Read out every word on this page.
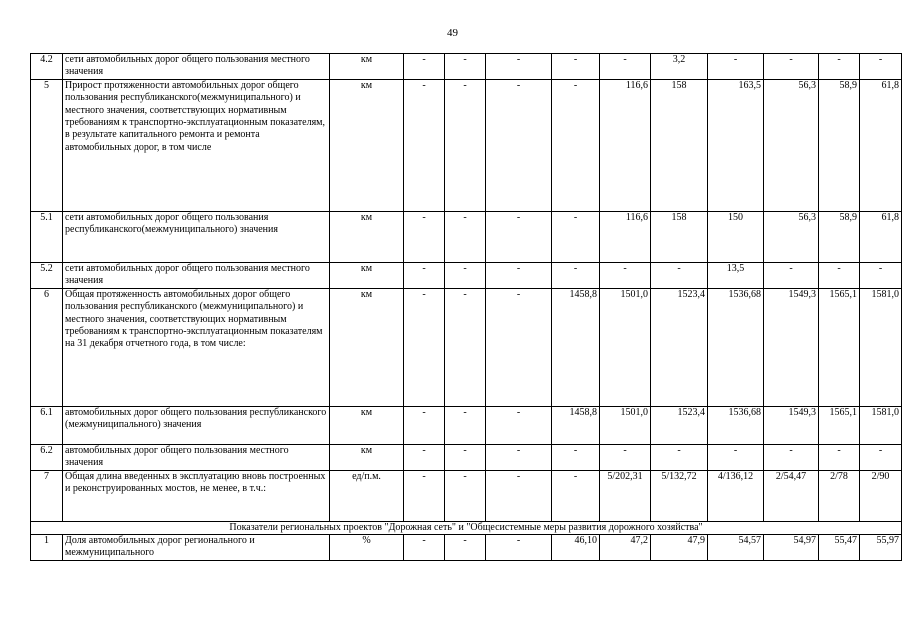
49
4.2	сети автомобильных дорог общего пользования местного значения	км	-	-	-	-	-	3,2	-	-	-	-
5	Прирост протяженности автомобильных дорог общего пользования республиканского(межмуниципального) и местного значения, соответствующих нормативным требованиям к транспортно-эксплуатационным показателям, в результате капитального ремонта и ремонта автомобильных дорог, в том числе	км	-	-	-	-	116,6	158	163,5	56,3	58,9	61,8
5.1	сети автомобильных дорог общего пользования республиканского(межмуниципального) значения	км	-	-	-	-	116,6	158	150	56,3	58,9	61,8
5.2	сети автомобильных дорог общего пользования местного значения	км	-	-	-	-	-	-	13,5	-	-	-
6	Общая протяженность автомобильных дорог общего пользования республиканского (межмуниципального) и местного значения, соответствующих нормативным требованиям к транспортно-эксплуатационным показателям на 31 декабря отчетного года, в том числе:	км	-	-	-	1458,8	1501,0	1523,4	1536,68	1549,3	1565,1	1581,0
6.1	автомобильных дорог общего пользования республиканского (межмуниципального) значения	км	-	-	-	1458,8	1501,0	1523,4	1536,68	1549,3	1565,1	1581,0
6.2	автомобильных дорог общего пользования местного значения	км	-	-	-	-	-	-	-	-	-	-
7	Общая длина введенных в эксплуатацию вновь построенных и реконструированных мостов, не менее, в т.ч.:	ед/п.м.	-	-	-	-	5/202,31	5/132,72	4/136,12	2/54,47	2/78	2/90
Показатели региональных проектов "Дорожная сеть" и "Общесистемные меры развития дорожного хозяйства"												
1	Доля автомобильных дорог регионального и межмуниципального	%	-	-	-	46,10	47,2	47,9	54,57	54,97	55,47	55,97
